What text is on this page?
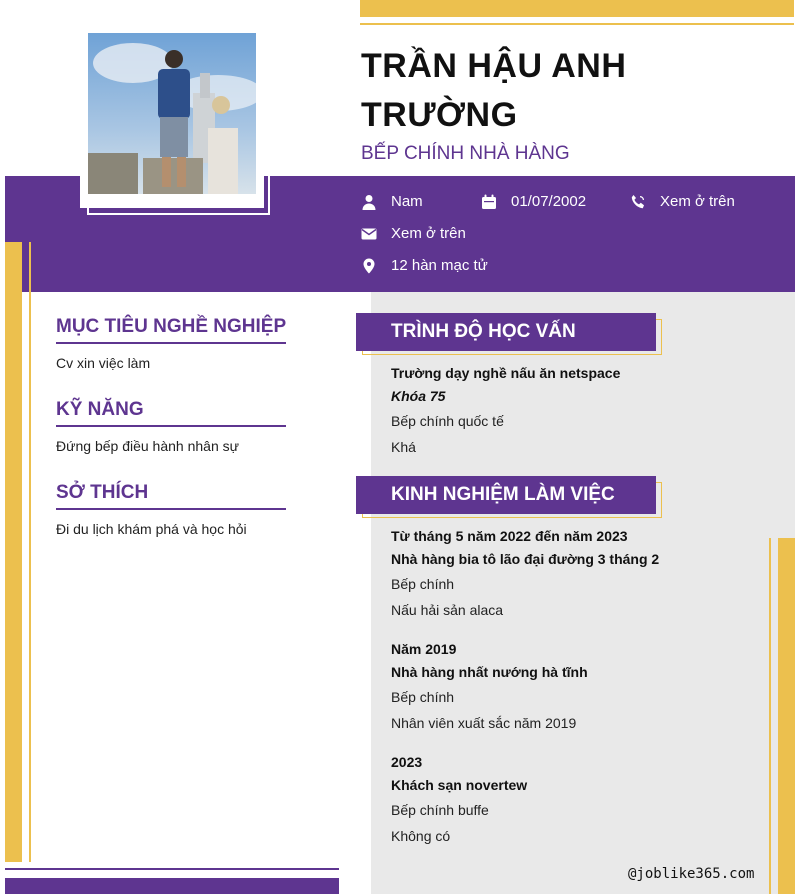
TRẦN HẬU ANH TRƯỜNG
BẾP CHÍNH NHÀ HÀNG
Nam	01/07/2002	Xem ở trên
Xem ở trên
12 hàn mạc tử
MỤC TIÊU NGHỀ NGHIỆP
Cv xin việc làm
KỸ NĂNG
Đứng bếp điều hành nhân sự
SỞ THÍCH
Đi du lịch khám phá và học hỏi
TRÌNH ĐỘ HỌC VẤN
Trường dạy nghề nấu ăn netspace
Khóa 75
Bếp chính quốc tế
Khá
KINH NGHIỆM LÀM VIỆC
Từ tháng 5 năm 2022 đến năm 2023
Nhà hàng bia tô lão đại đường 3 tháng 2
Bếp chính
Nấu hải sản alaca
Năm 2019
Nhà hàng nhất nướng hà tĩnh
Bếp chính
Nhân viên xuất sắc năm 2019
2023
Khách sạn novertew
Bếp chính buffe
Không có
@joblike365.com
